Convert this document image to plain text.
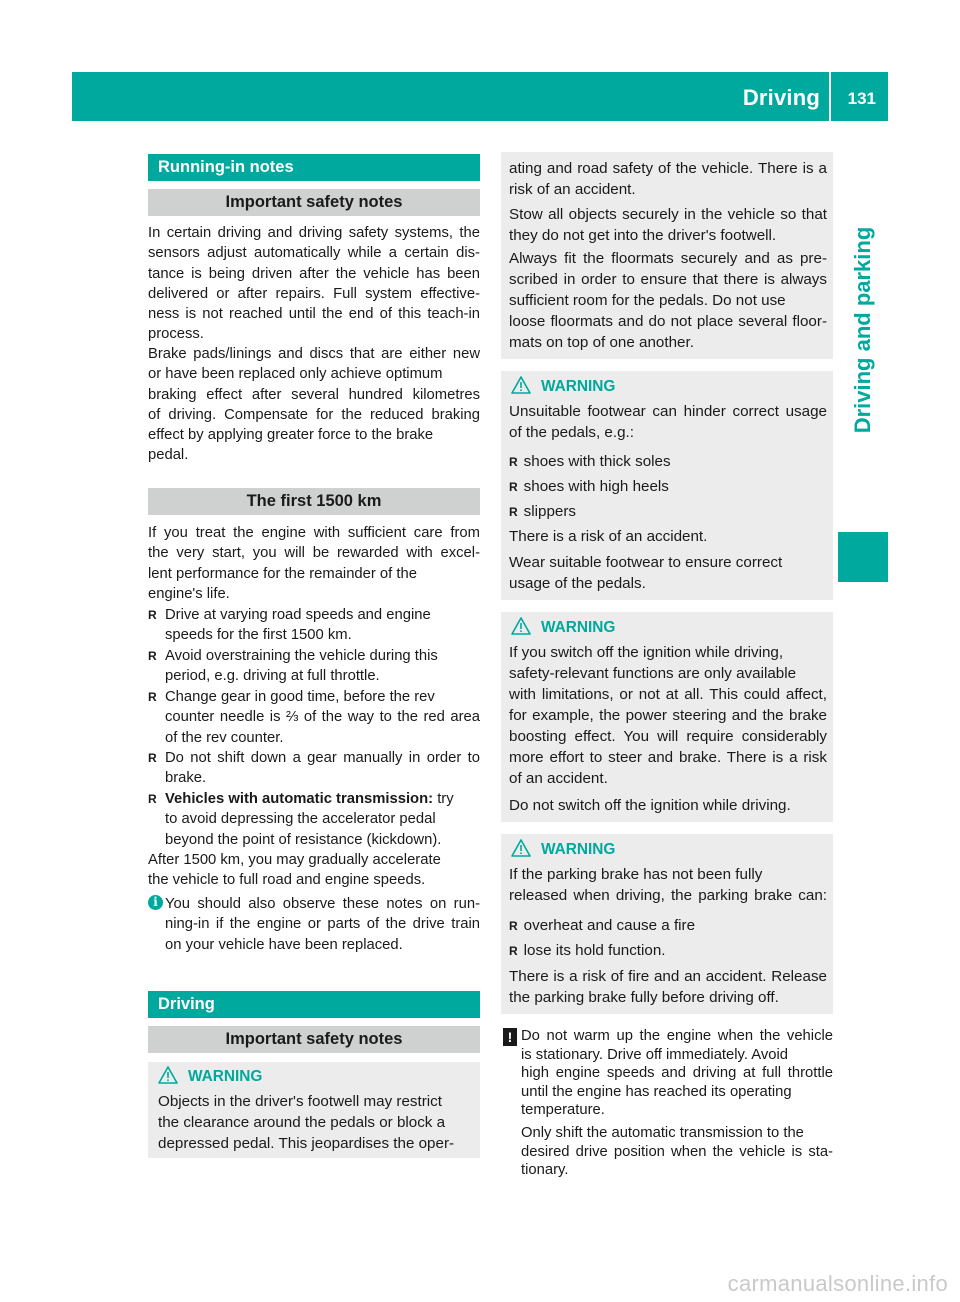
Driving 131
Driving and parking
Running-in notes
Important safety notes
In certain driving and driving safety systems, the
sensors adjust automatically while a certain dis-
tance is being driven after the vehicle has been
delivered or after repairs. Full system effective-
ness is not reached until the end of this teach-in
process.
Brake pads/linings and discs that are either new
or have been replaced only achieve optimum
braking effect after several hundred kilometres
of driving. Compensate for the reduced braking
effect by applying greater force to the brake
pedal.
The first 1500 km
If you treat the engine with sufficient care from
the very start, you will be rewarded with excel-
lent performance for the remainder of the
engine's life.
R Drive at varying road speeds and engine
speeds for the first 1500 km.
R Avoid overstraining the vehicle during this
period, e.g. driving at full throttle.
R Change gear in good time, before the rev
counter needle is ⅔ of the way to the red area
of the rev counter.
R Do not shift down a gear manually in order to
brake.
R Vehicles with automatic transmission: try
to avoid depressing the accelerator pedal
beyond the point of resistance (kickdown).
After 1500 km, you may gradually accelerate
the vehicle to full road and engine speeds.
i You should also observe these notes on run-
ning-in if the engine or parts of the drive train
on your vehicle have been replaced.
Driving
Important safety notes
WARNING
Objects in the driver's footwell may restrict
the clearance around the pedals or block a
depressed pedal. This jeopardises the oper-
ating and road safety of the vehicle. There is a
risk of an accident.
Stow all objects securely in the vehicle so that
they do not get into the driver's footwell.
Always fit the floormats securely and as pre-
scribed in order to ensure that there is always
sufficient room for the pedals. Do not use
loose floormats and do not place several floor-
mats on top of one another.
WARNING
Unsuitable footwear can hinder correct usage
of the pedals, e.g.:
R shoes with thick soles
R shoes with high heels
R slippers
There is a risk of an accident.
Wear suitable footwear to ensure correct
usage of the pedals.
WARNING
If you switch off the ignition while driving,
safety-relevant functions are only available
with limitations, or not at all. This could affect,
for example, the power steering and the brake
boosting effect. You will require considerably
more effort to steer and brake. There is a risk
of an accident.
Do not switch off the ignition while driving.
WARNING
If the parking brake has not been fully
released when driving, the parking brake can:
R overheat and cause a fire
R lose its hold function.
There is a risk of fire and an accident. Release
the parking brake fully before driving off.
! Do not warm up the engine when the vehicle
is stationary. Drive off immediately. Avoid
high engine speeds and driving at full throttle
until the engine has reached its operating
temperature.
Only shift the automatic transmission to the
desired drive position when the vehicle is sta-
tionary.
carmanualsonline.info
